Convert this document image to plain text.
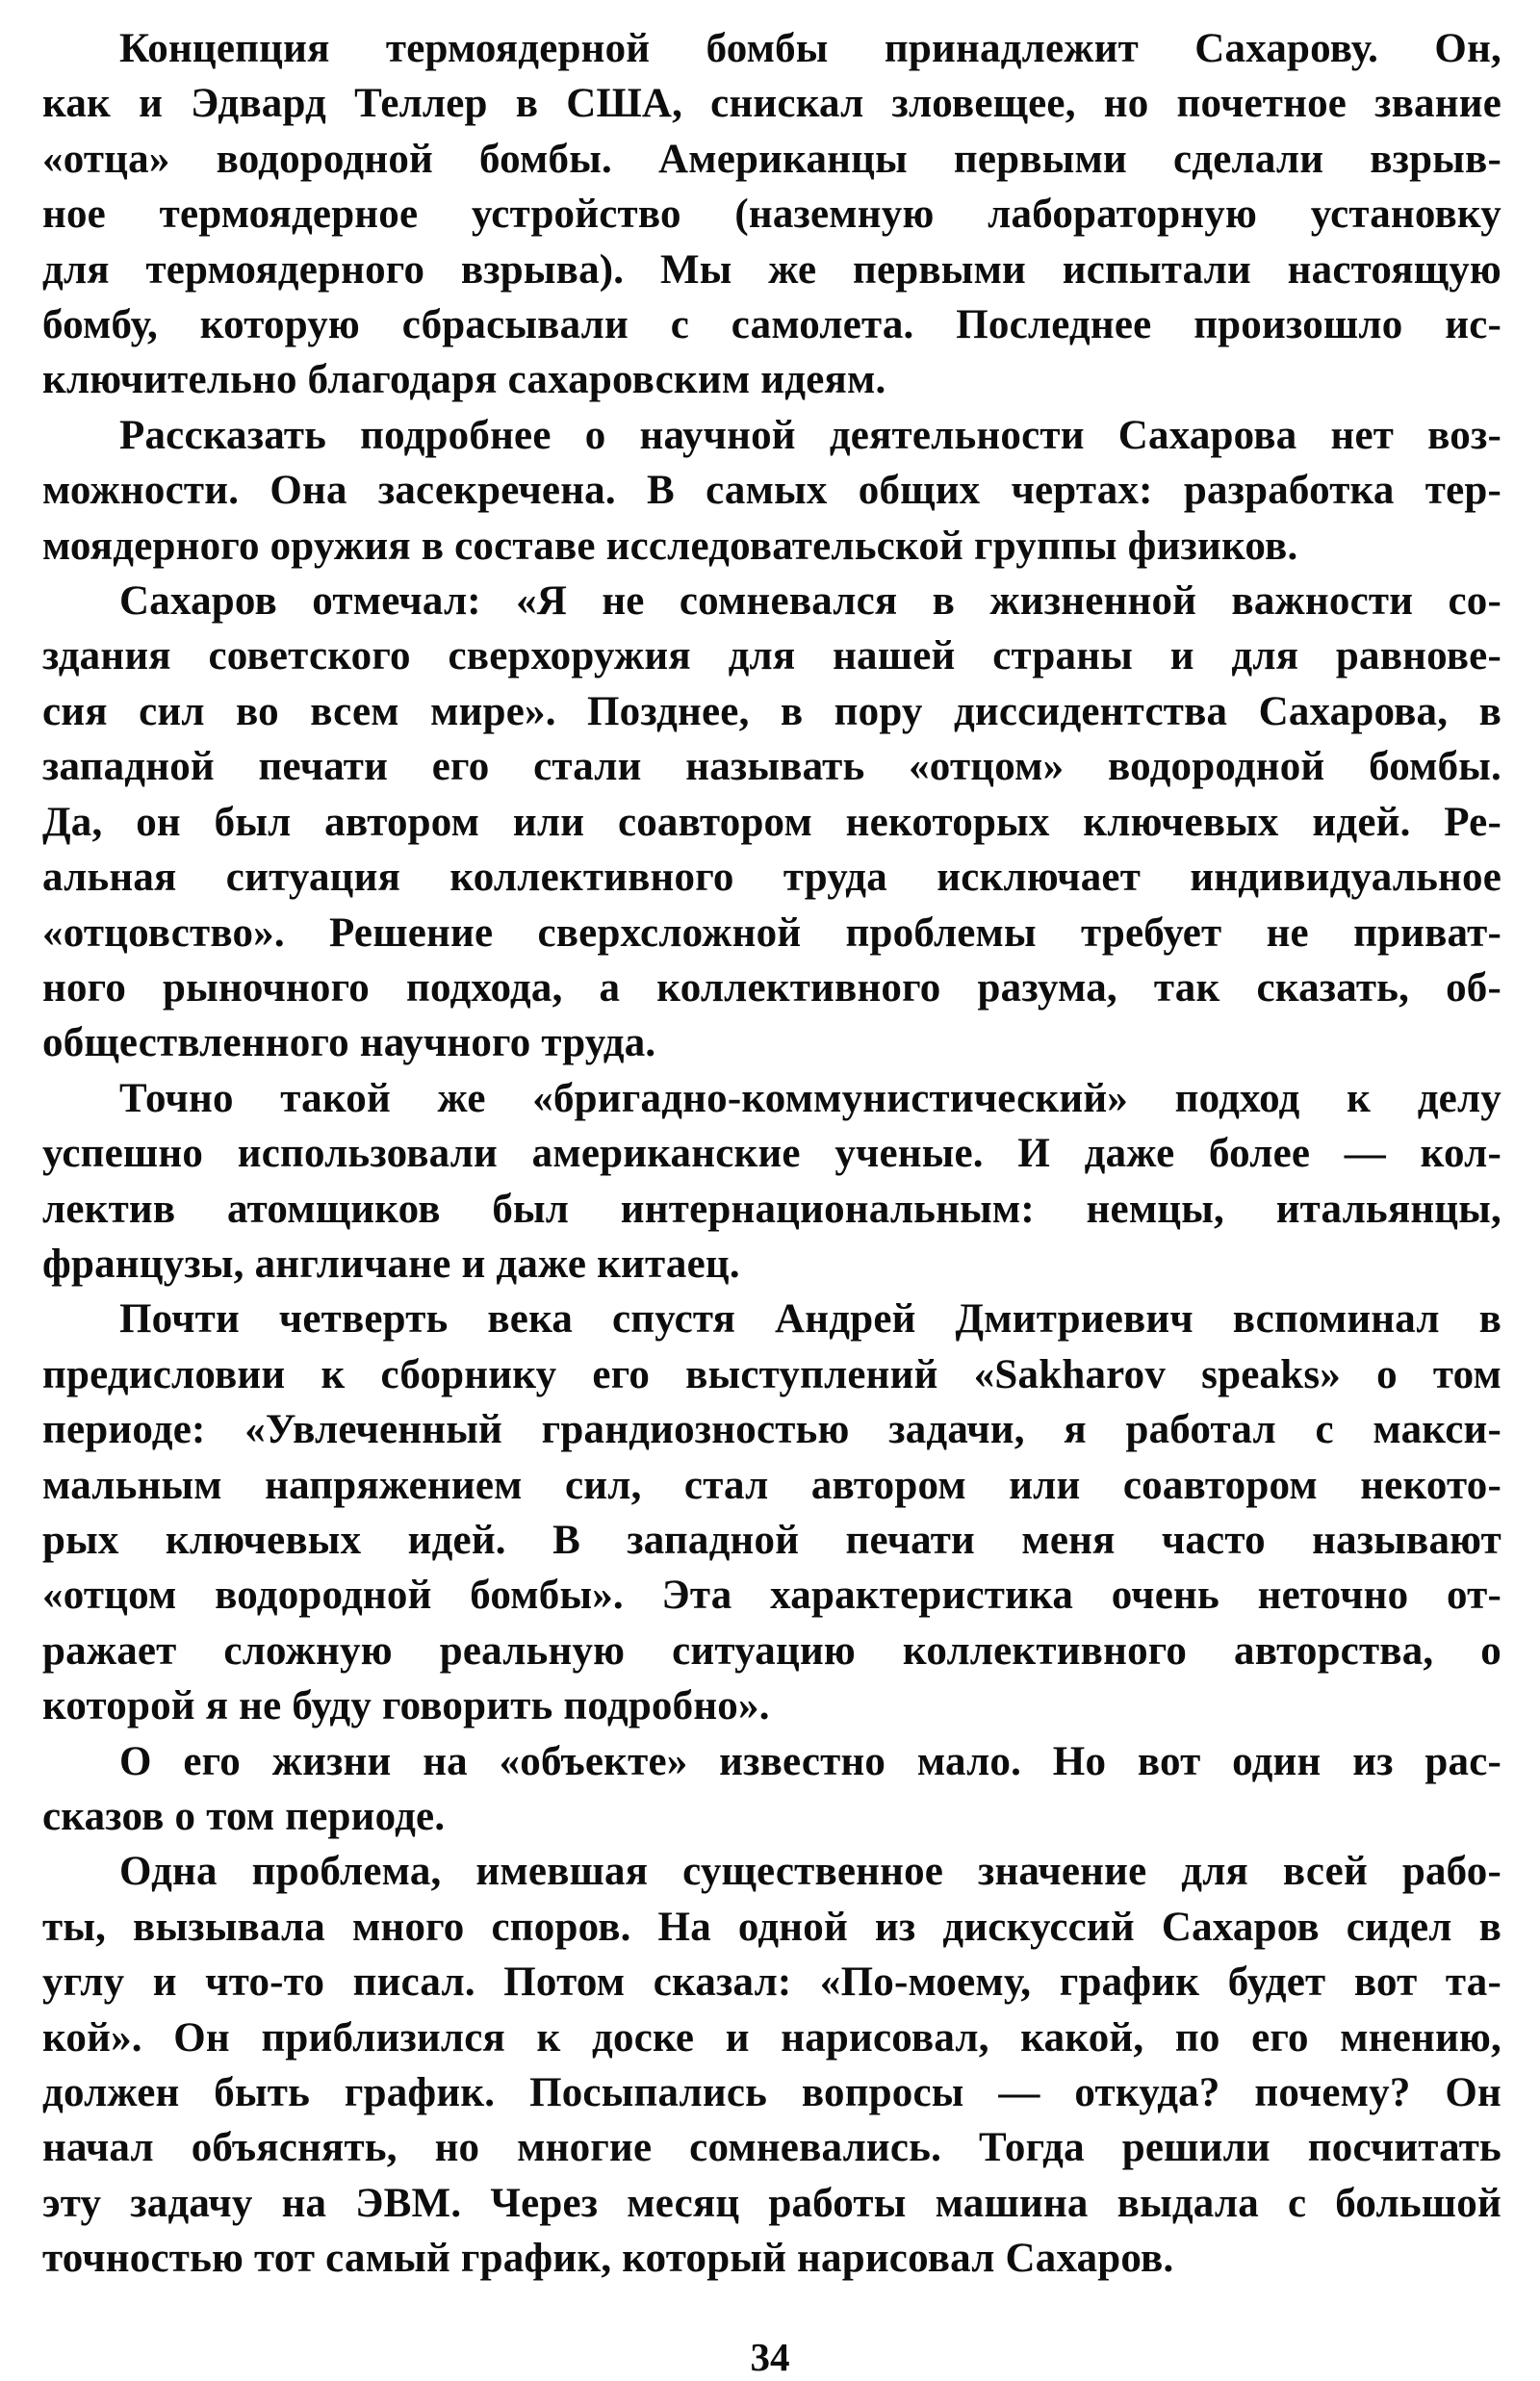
Концепция термоядерной бомбы принадлежит Сахарову. Он,
как и Эдвард Теллер в США, снискал зловещее, но почетное звание
«отца» водородной бомбы. Американцы первыми сделали взрыв-
ное термоядерное устройство (наземную лабораторную установку
для термоядерного взрыва). Мы же первыми испытали настоящую
бомбу, которую сбрасывали с самолета. Последнее произошло ис-
ключительно благодаря сахаровским идеям.
Рассказать подробнее о научной деятельности Сахарова нет воз-
можности. Она засекречена. В самых общих чертах: разработка тер-
моядерного оружия в составе исследовательской группы физиков.
Сахаров отмечал: «Я не сомневался в жизненной важности со-
здания советского сверхоружия для нашей страны и для равнове-
сия сил во всем мире». Позднее, в пору диссидентства Сахарова, в
западной печати его стали называть «отцом» водородной бомбы.
Да, он был автором или соавтором некоторых ключевых идей. Ре-
альная ситуация коллективного труда исключает индивидуальное
«отцовство». Решение сверхсложной проблемы требует не приват-
ного рыночного подхода, а коллективного разума, так сказать, об-
обществленного научного труда.
Точно такой же «бригадно-коммунистический» подход к делу
успешно использовали американские ученые. И даже более — кол-
лектив атомщиков был интернациональным: немцы, итальянцы,
французы, англичане и даже китаец.
Почти четверть века спустя Андрей Дмитриевич вспоминал в
предисловии к сборнику его выступлений «Sakharov speaks» о том
периоде: «Увлеченный грандиозностью задачи, я работал с макси-
мальным напряжением сил, стал автором или соавтором некото-
рых ключевых идей. В западной печати меня часто называют
«отцом водородной бомбы». Эта характеристика очень неточно от-
ражает сложную реальную ситуацию коллективного авторства, о
которой я не буду говорить подробно».
О его жизни на «объекте» известно мало. Но вот один из рас-
сказов о том периоде.
Одна проблема, имевшая существенное значение для всей рабо-
ты, вызывала много споров. На одной из дискуссий Сахаров сидел в
углу и что-то писал. Потом сказал: «По-моему, график будет вот та-
кой». Он приблизился к доске и нарисовал, какой, по его мнению,
должен быть график. Посыпались вопросы — откуда? почему? Он
начал объяснять, но многие сомневались. Тогда решили посчитать
эту задачу на ЭВМ. Через месяц работы машина выдала с большой
точностью тот самый график, который нарисовал Сахаров.
34
